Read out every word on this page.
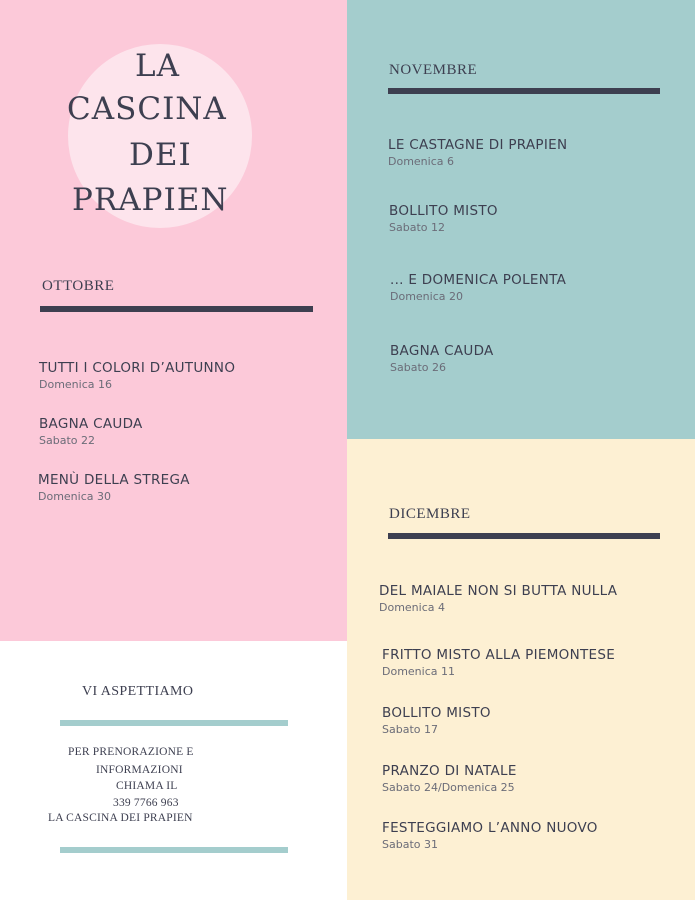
LA
CASCINA
DEI
PRAPIEN
OTTOBRE
TUTTI I COLORI D’AUTUNNO
Domenica 16
BAGNA CAUDA
Sabato 22
MENÙ DELLA STREGA
Domenica 30
NOVEMBRE
LE CASTAGNE DI PRAPIEN
Domenica 6
BOLLITO MISTO
Sabato 12
... E DOMENICA POLENTA
Domenica 20
BAGNA CAUDA
Sabato 26
DICEMBRE
DEL MAIALE NON SI BUTTA NULLA
Domenica 4
FRITTO MISTO ALLA PIEMONTESE
Domenica 11
BOLLITO MISTO
Sabato 17
PRANZO DI NATALE
Sabato 24/Domenica 25
FESTEGGIAMO L’ANNO NUOVO
Sabato 31
VI ASPETTIAMO
PER PRENORAZIONE E
INFORMAZIONI
CHIAMA IL
339 7766 963
LA CASCINA DEI PRAPIEN
